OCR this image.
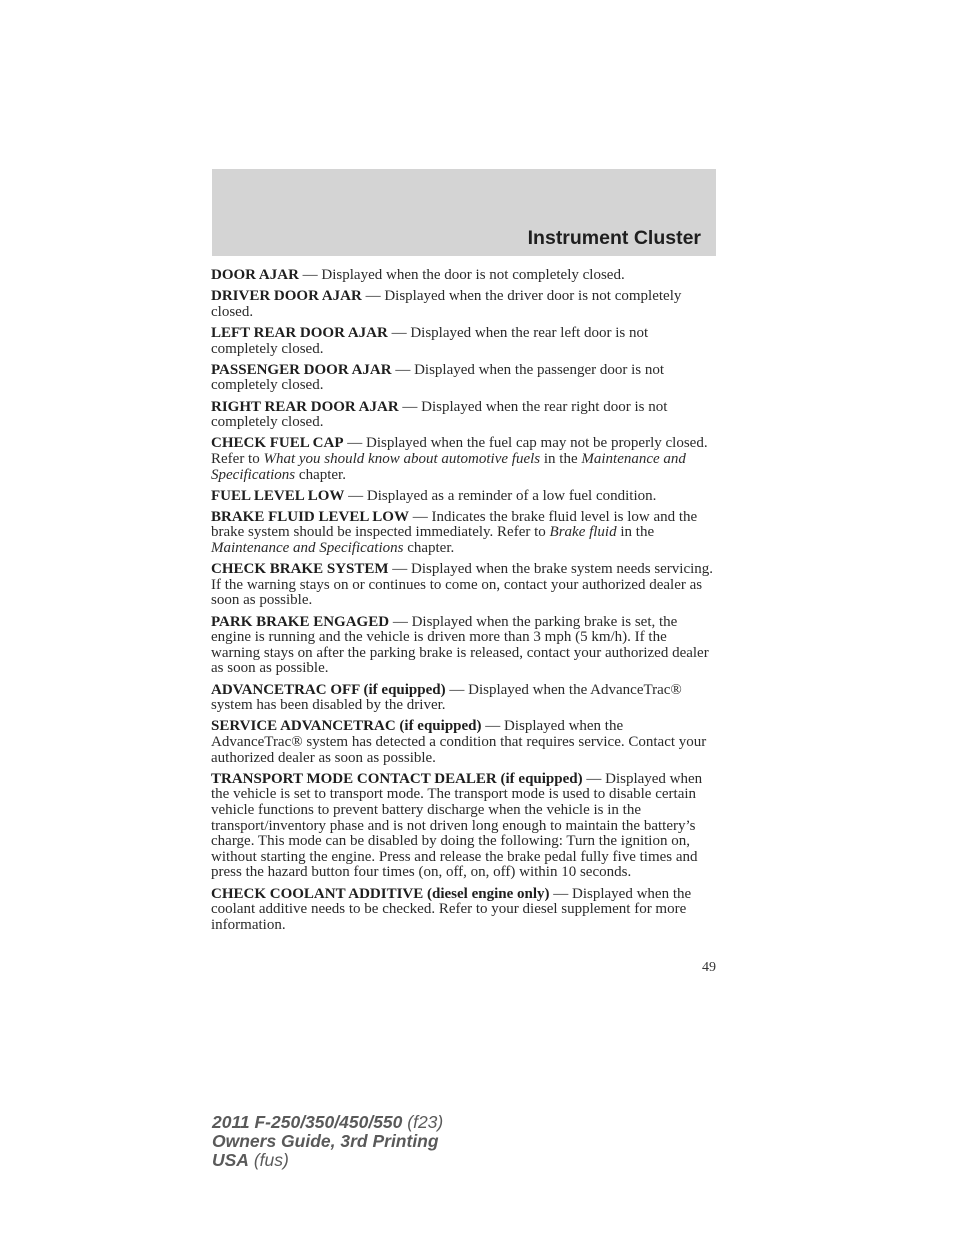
Instrument Cluster

DOOR AJAR — Displayed when the door is not completely closed.

DRIVER DOOR AJAR — Displayed when the driver door is not completely closed.

LEFT REAR DOOR AJAR — Displayed when the rear left door is not completely closed.

PASSENGER DOOR AJAR — Displayed when the passenger door is not completely closed.

RIGHT REAR DOOR AJAR — Displayed when the rear right door is not completely closed.

CHECK FUEL CAP — Displayed when the fuel cap may not be properly closed. Refer to What you should know about automotive fuels in the Maintenance and Specifications chapter.

FUEL LEVEL LOW — Displayed as a reminder of a low fuel condition.

BRAKE FLUID LEVEL LOW — Indicates the brake fluid level is low and the brake system should be inspected immediately. Refer to Brake fluid in the Maintenance and Specifications chapter.

CHECK BRAKE SYSTEM — Displayed when the brake system needs servicing. If the warning stays on or continues to come on, contact your authorized dealer as soon as possible.

PARK BRAKE ENGAGED — Displayed when the parking brake is set, the engine is running and the vehicle is driven more than 3 mph (5 km/h). If the warning stays on after the parking brake is released, contact your authorized dealer as soon as possible.

ADVANCETRAC OFF (if equipped) — Displayed when the AdvanceTrac® system has been disabled by the driver.

SERVICE ADVANCETRAC (if equipped) — Displayed when the AdvanceTrac® system has detected a condition that requires service. Contact your authorized dealer as soon as possible.

TRANSPORT MODE CONTACT DEALER (if equipped) — Displayed when the vehicle is set to transport mode. The transport mode is used to disable certain vehicle functions to prevent battery discharge when the vehicle is in the transport/inventory phase and is not driven long enough to maintain the battery’s charge. This mode can be disabled by doing the following: Turn the ignition on, without starting the engine. Press and release the brake pedal fully five times and press the hazard button four times (on, off, on, off) within 10 seconds.

CHECK COOLANT ADDITIVE (diesel engine only) — Displayed when the coolant additive needs to be checked. Refer to your diesel supplement for more information.

49
2011 F-250/350/450/550 (f23)
Owners Guide, 3rd Printing
USA (fus)
